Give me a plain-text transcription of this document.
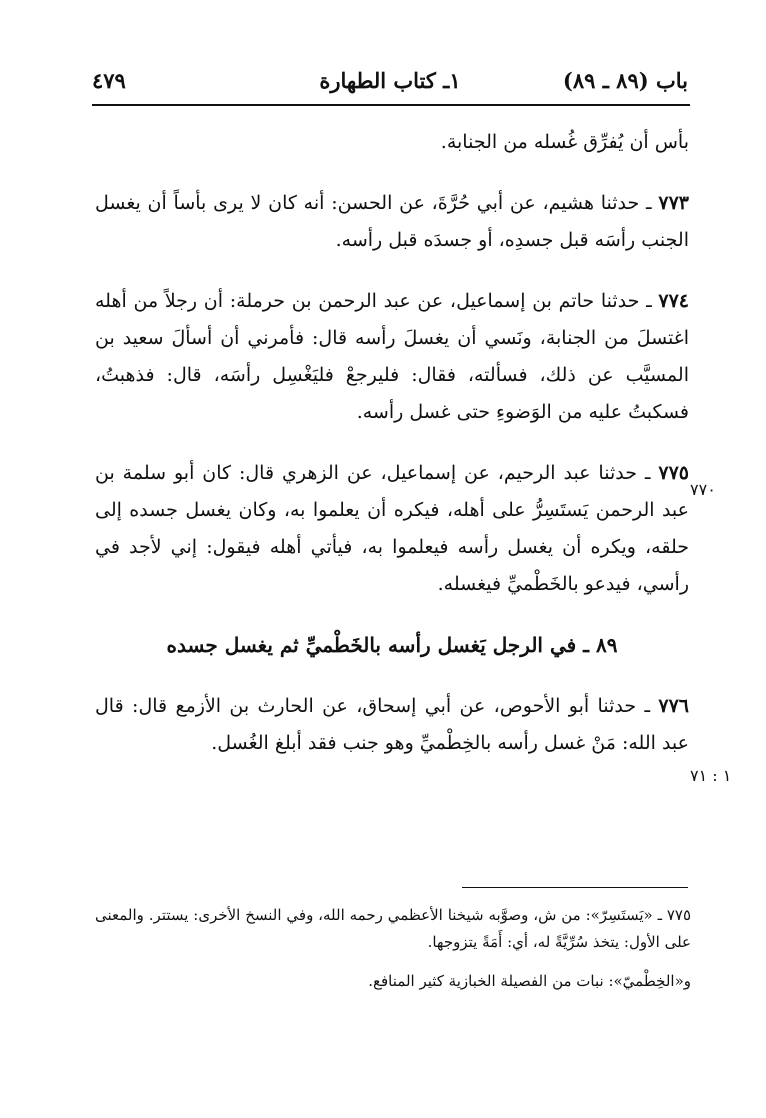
٤٧٩	١ـ كتاب الطهارة	باب (٨٩ ـ ٨٩)

بأس أن يُفرِّق غُسله من الجنابة.

٧٧٣ ـ حدثنا هشيم، عن أبي حُرَّةَ، عن الحسن: أنه كان لا يرى بأساً أن يغسل الجنب رأسَه قبل جسدِه، أو جسدَه قبل رأسه.

٧٧٤ ـ حدثنا حاتم بن إسماعيل، عن عبد الرحمن بن حرملة: أن رجلاً من أهله اغتسلَ من الجنابة، ونَسي أن يغسلَ رأسه قال: فأمرني أن أسألَ سعيد بن المسيَّب عن ذلك، فسألته، فقال: فليرجعْ فليَغْسِل رأسَه، قال: فذهبتُ، فسكبتُ عليه من الوَضوءِ حتى غسل رأسه.

٧٧٥ ـ حدثنا عبد الرحيم، عن إسماعيل، عن الزهري قال: كان أبو سلمة بن عبد الرحمن يَستَسِرُّ على أهله، فيكره أن يعلموا به، وكان يغسل جسده إلى حلقه، ويكره أن يغسل رأسه فيعلموا به، فيأتي أهله فيقول: إني لأجد في رأسي، فيدعو بالخَطْميِّ فيغسله.

٨٩ ـ في الرجل يَغسل رأسه بالخَطْميِّ ثم يغسل جسده

٧٧٦ ـ حدثنا أبو الأحوص، عن أبي إسحاق، عن الحارث بن الأزمع قال: قال عبد الله: مَنْ غسل رأسه بالخِطْميِّ وهو جنب فقد أبلغ الغُسل.

٧٧٠
١ : ٧١

٧٧٥ ـ «يَستَسِرّ»: من ش، وصوَّبه شيخنا الأعظمي رحمه الله، وفي النسخ الأخرى: يستتر. والمعنى على الأول: يتخذ سُرِّيَّةً له، أي: أَمَةً يتزوجها.

و«الخِطْميّ»: نبات من الفصيلة الخبازية كثير المنافع.
